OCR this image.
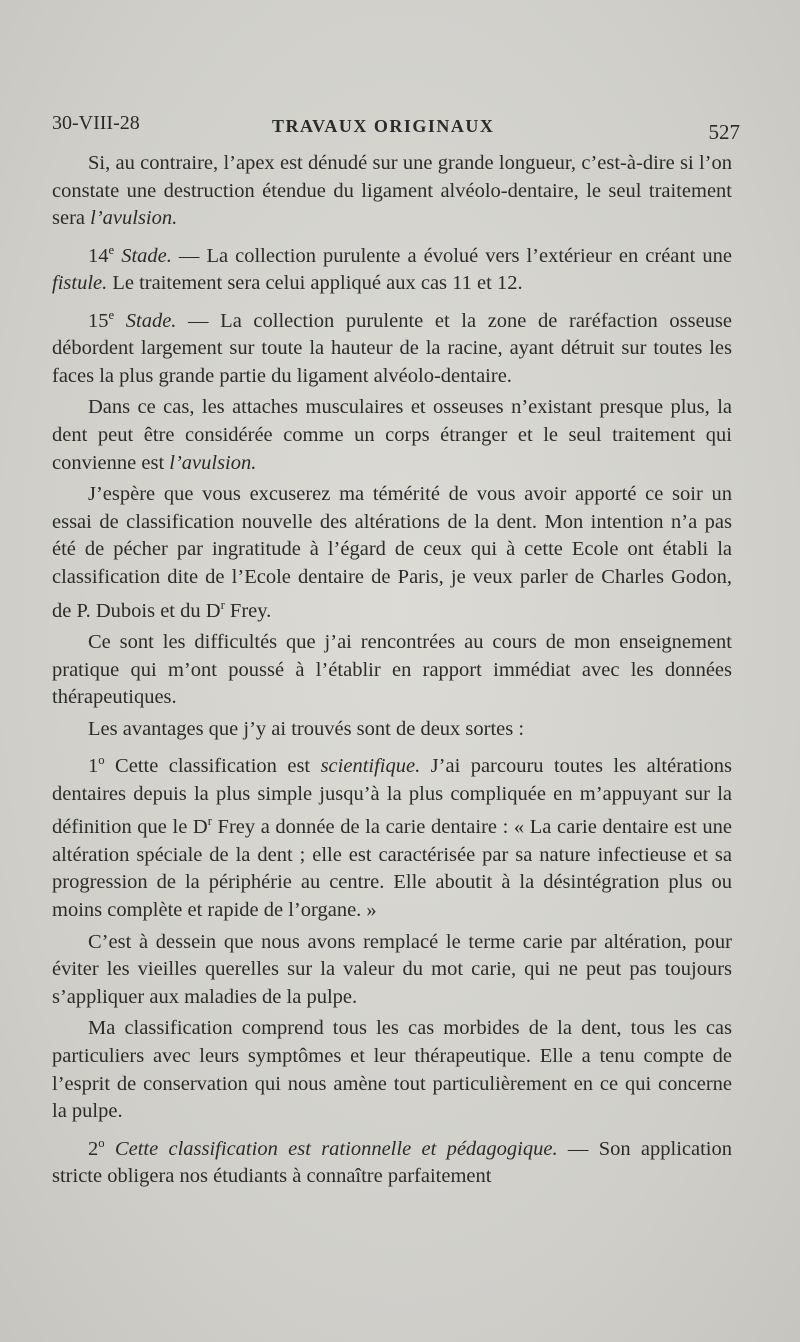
30-VIII-28	TRAVAUX ORIGINAUX	527

Si, au contraire, l’apex est dénudé sur une grande longueur, c’est-à-dire si l’on constate une destruction étendue du ligament alvéolo-dentaire, le seul traitement sera l’avulsion.

14e Stade. — La collection purulente a évolué vers l’extérieur en créant une fistule. Le traitement sera celui appliqué aux cas 11 et 12.

15e Stade. — La collection purulente et la zone de raréfaction osseuse débordent largement sur toute la hauteur de la racine, ayant détruit sur toutes les faces la plus grande partie du ligament alvéolo-dentaire.

Dans ce cas, les attaches musculaires et osseuses n’existant presque plus, la dent peut être considérée comme un corps étranger et le seul traitement qui convienne est l’avulsion.

J’espère que vous excuserez ma témérité de vous avoir apporté ce soir un essai de classification nouvelle des altérations de la dent. Mon intention n’a pas été de pécher par ingratitude à l’égard de ceux qui à cette Ecole ont établi la classification dite de l’Ecole dentaire de Paris, je veux parler de Charles Godon, de P. Dubois et du $D^r$ Frey.

Ce sont les difficultés que j’ai rencontrées au cours de mon enseignement pratique qui m’ont poussé à l’établir en rapport immédiat avec les données thérapeutiques.

Les avantages que j’y ai trouvés sont de deux sortes :

1$^o$ Cette classification est scientifique. J’ai parcouru toutes les altérations dentaires depuis la plus simple jusqu’à la plus compliquée en m’appuyant sur la définition que le $D^r$ Frey a donnée de la carie dentaire : « La carie dentaire est une altération spéciale de la dent ; elle est caractérisée par sa nature infectieuse et sa progression de la périphérie au centre. Elle aboutit à la désintégration plus ou moins complète et rapide de l’organe. »

C’est à dessein que nous avons remplacé le terme carie par altération, pour éviter les vieilles querelles sur la valeur du mot carie, qui ne peut pas toujours s’appliquer aux maladies de la pulpe.

Ma classification comprend tous les cas morbides de la dent, tous les cas particuliers avec leurs symptômes et leur thérapeutique. Elle a tenu compte de l’esprit de conservation qui nous amène tout particulièrement en ce qui concerne la pulpe.

2$^o$ Cette classification est rationnelle et pédagogique. — Son application stricte obligera nos étudiants à connaître parfaitement
